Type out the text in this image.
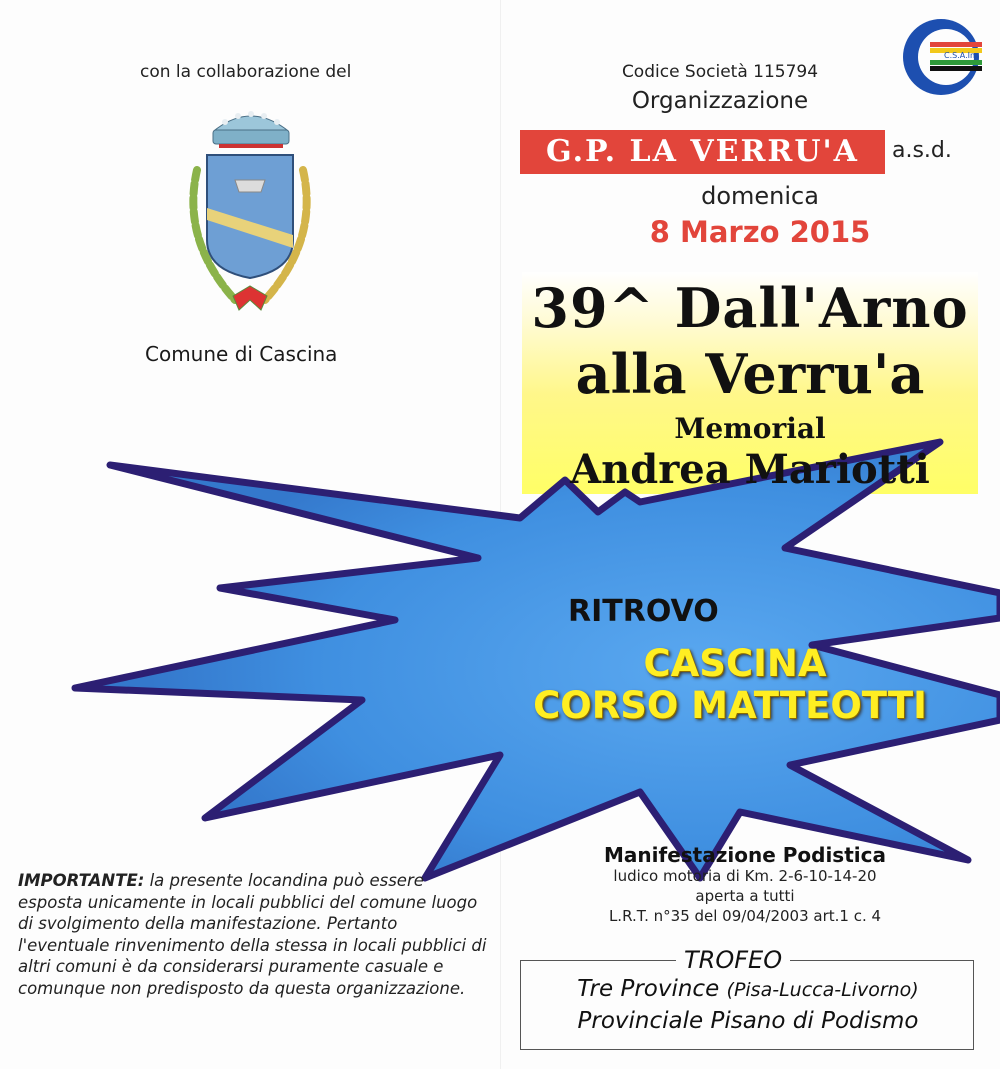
con la collaborazione del
Comune di Cascina
C.S.A.In.
Codice Società 115794
Organizzazione
G.P. LA VERRU'A	a.s.d.
domenica
8 Marzo 2015
39^ Dall'Arno
alla Verru'a
Memorial
Andrea Mariotti
RITROVO
CASCINA
CORSO MATTEOTTI
Manifestazione Podistica
ludico motoria di Km. 2-6-10-14-20
aperta a tutti
L.R.T. n°35 del 09/04/2003 art.1 c. 4
TROFEO
Tre Province (Pisa-Lucca-Livorno)
Provinciale Pisano di Podismo
IMPORTANTE: la presente locandina può essere esposta unicamente in locali pubblici del comune luogo di svolgimento della manifestazione. Pertanto l'eventuale rinvenimento della stessa in locali pubblici di altri comuni è da considerarsi puramente casuale e comunque non predisposto da questa organizzazione.
